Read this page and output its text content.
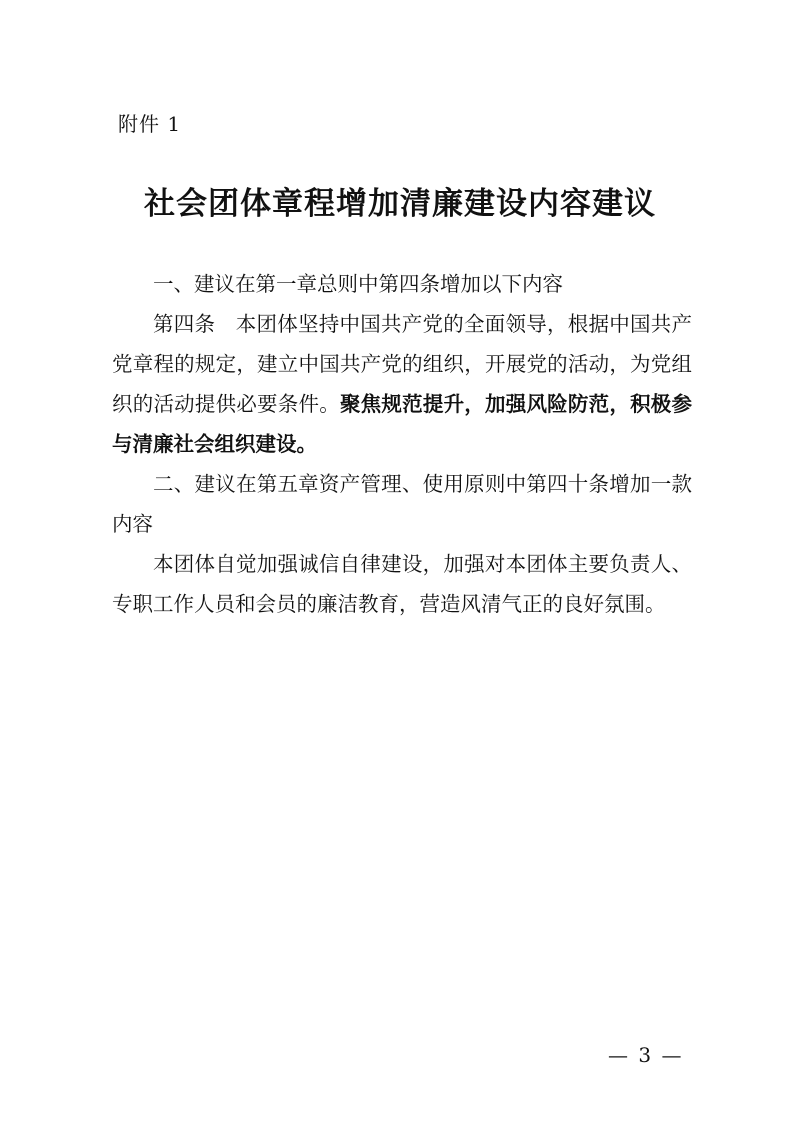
附件 1
社会团体章程增加清廉建设内容建议

一、建议在第一章总则中第四条增加以下内容

第四条 本团体坚持中国共产党的全面领导，根据中国共产党章程的规定，建立中国共产党的组织，开展党的活动，为党组织的活动提供必要条件。聚焦规范提升，加强风险防范，积极参与清廉社会组织建设。

二、建议在第五章资产管理、使用原则中第四十条增加一款内容

本团体自觉加强诚信自律建设，加强对本团体主要负责人、专职工作人员和会员的廉洁教育，营造风清气正的良好氛围。

— 3 —
